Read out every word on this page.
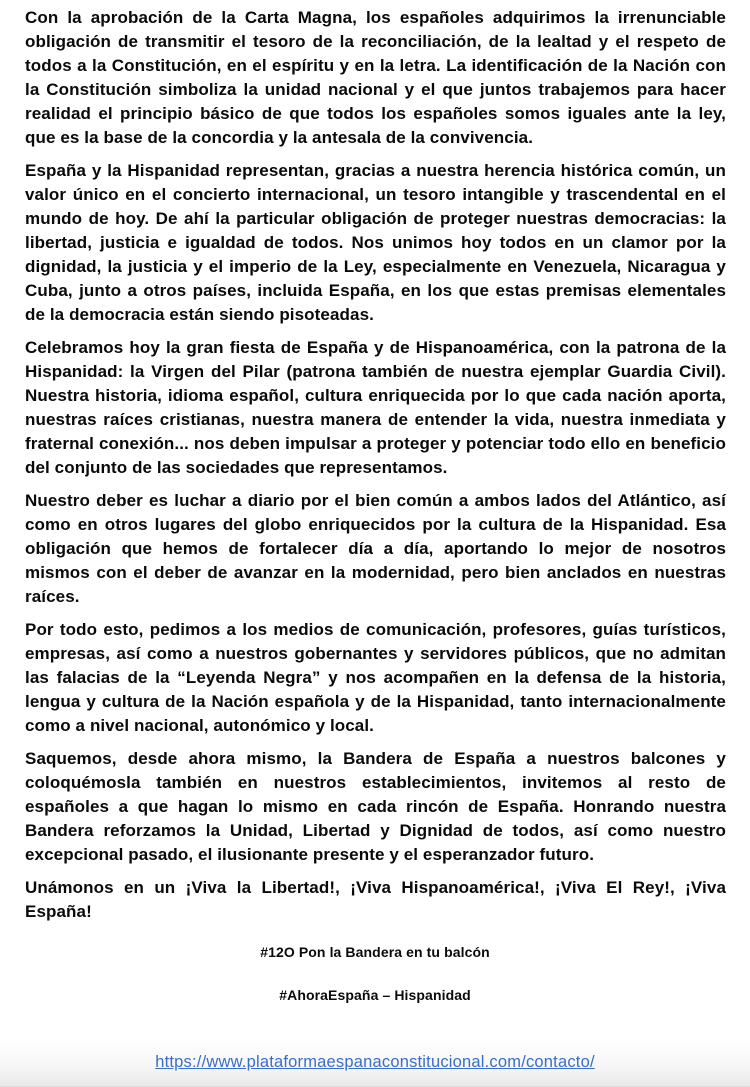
Con la aprobación de la Carta Magna, los españoles adquirimos la irrenunciable obligación de transmitir el tesoro de la reconciliación, de la lealtad y el respeto de todos a la Constitución, en el espíritu y en la letra. La identificación de la Nación con la Constitución simboliza la unidad nacional y el que juntos trabajemos para hacer realidad el principio básico de que todos los españoles somos iguales ante la ley, que es la base de la concordia y la antesala de la convivencia.

España y la Hispanidad representan, gracias a nuestra herencia histórica común, un valor único en el concierto internacional, un tesoro intangible y trascendental en el mundo de hoy. De ahí la particular obligación de proteger nuestras democracias: la libertad, justicia e igualdad de todos. Nos unimos hoy todos en un clamor por la dignidad, la justicia y el imperio de la Ley, especialmente en Venezuela, Nicaragua y Cuba, junto a otros países, incluida España, en los que estas premisas elementales de la democracia están siendo pisoteadas.

Celebramos hoy la gran fiesta de España y de Hispanoamérica, con la patrona de la Hispanidad: la Virgen del Pilar (patrona también de nuestra ejemplar Guardia Civil). Nuestra historia, idioma español, cultura enriquecida por lo que cada nación aporta, nuestras raíces cristianas, nuestra manera de entender la vida, nuestra inmediata y fraternal conexión... nos deben impulsar a proteger y potenciar todo ello en beneficio del conjunto de las sociedades que representamos.

Nuestro deber es luchar a diario por el bien común a ambos lados del Atlántico, así como en otros lugares del globo enriquecidos por la cultura de la Hispanidad. Esa obligación que hemos de fortalecer día a día, aportando lo mejor de nosotros mismos con el deber de avanzar en la modernidad, pero bien anclados en nuestras raíces.

Por todo esto, pedimos a los medios de comunicación, profesores, guías turísticos, empresas, así como a nuestros gobernantes y servidores públicos, que no admitan las falacias de la “Leyenda Negra” y nos acompañen en la defensa de la historia, lengua y cultura de la Nación española y de la Hispanidad, tanto internacionalmente como a nivel nacional, autonómico y local.

Saquemos, desde ahora mismo, la Bandera de España a nuestros balcones y coloquémosla también en nuestros establecimientos, invitemos al resto de españoles a que hagan lo mismo en cada rincón de España. Honrando nuestra Bandera reforzamos la Unidad, Libertad y Dignidad de todos, así como nuestro excepcional pasado, el ilusionante presente y el esperanzador futuro.

Unámonos en un ¡Viva la Libertad!, ¡Viva Hispanoamérica!, ¡Viva El Rey!, ¡Viva España!

#12O Pon la Bandera en tu balcón
#AhoraEspaña – Hispanidad
https://www.plataformaespanaconstitucional.com/contacto/
